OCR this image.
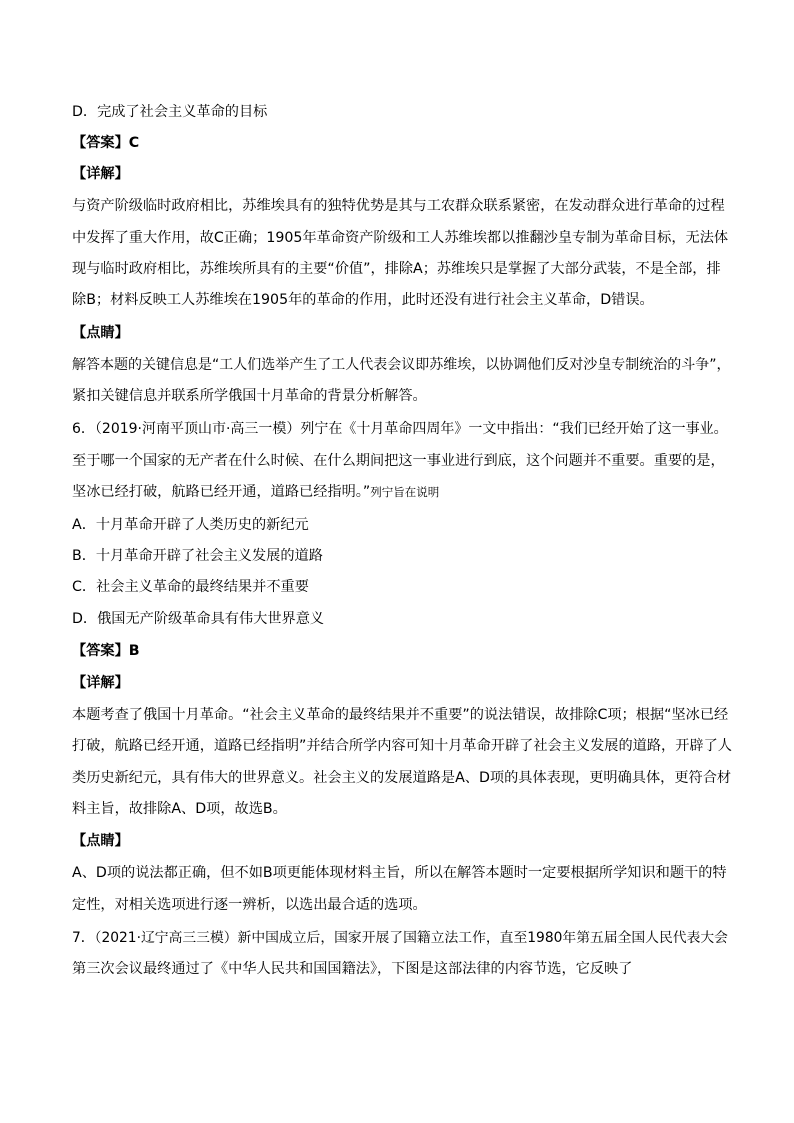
D．完成了社会主义革命的目标
【答案】C
【详解】
与资产阶级临时政府相比，苏维埃具有的独特优势是其与工农群众联系紧密，在发动群众进行革命的过程
中发挥了重大作用，故C正确；1905年革命资产阶级和工人苏维埃都以推翻沙皇专制为革命目标，无法体
现与临时政府相比，苏维埃所具有的主要“价值”，排除A；苏维埃只是掌握了大部分武装，不是全部，排
除B；材料反映工人苏维埃在1905年的革命的作用，此时还没有进行社会主义革命，D错误。
【点睛】
解答本题的关键信息是“工人们选举产生了工人代表会议即苏维埃，以协调他们反对沙皇专制统治的斗争”，
紧扣关键信息并联系所学俄国十月革命的背景分析解答。
6．（2019·河南平顶山市·高三一模）列宁在《十月革命四周年》一文中指出：“我们已经开始了这一事业。
至于哪一个国家的无产者在什么时候、在什么期间把这一事业进行到底，这个问题并不重要。重要的是，
坚冰已经打破，航路已经开通，道路已经指明。”列宁旨在说明
A．十月革命开辟了人类历史的新纪元
B．十月革命开辟了社会主义发展的道路
C．社会主义革命的最终结果并不重要
D．俄国无产阶级革命具有伟大世界意义
【答案】B
【详解】
本题考查了俄国十月革命。“社会主义革命的最终结果并不重要”的说法错误，故排除C项；根据“坚冰已经
打破，航路已经开通，道路已经指明”并结合所学内容可知十月革命开辟了社会主义发展的道路，开辟了人
类历史新纪元，具有伟大的世界意义。社会主义的发展道路是A、D项的具体表现，更明确具体，更符合材
料主旨，故排除A、D项，故选B。
【点睛】
A、D项的说法都正确，但不如B项更能体现材料主旨，所以在解答本题时一定要根据所学知识和题干的特
定性，对相关选项进行逐一辨析，以选出最合适的选项。
7．（2021·辽宁高三三模）新中国成立后，国家开展了国籍立法工作，直至1980年第五届全国人民代表大会
第三次会议最终通过了《中华人民共和国国籍法》，下图是这部法律的内容节选，它反映了
